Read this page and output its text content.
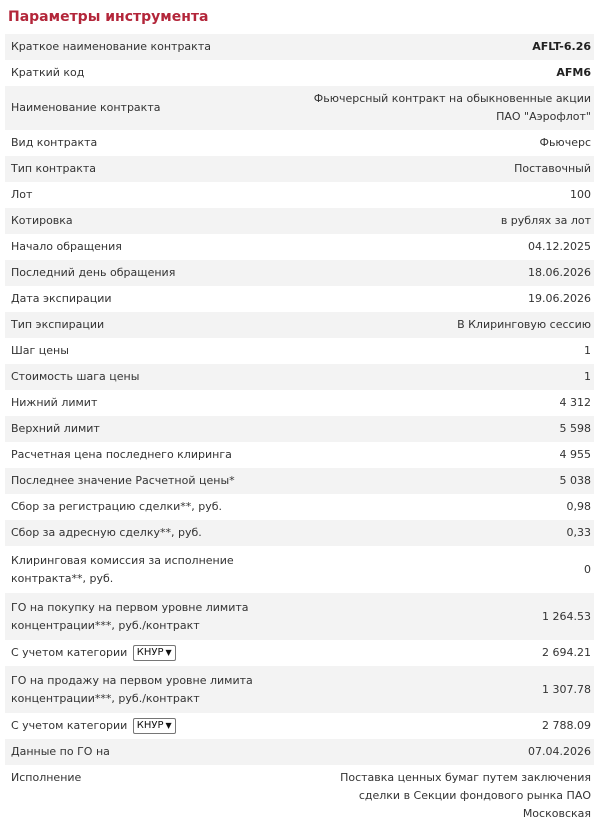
Параметры инструмента
Краткое наименование контракта	AFLT-6.26
Краткий код	AFM6
Наименование контракта	Фьючерсный контракт на обыкновенные акции ПАО "Аэрофлот"
Вид контракта	Фьючерс
Тип контракта	Поставочный
Лот	100
Котировка	в рублях за лот
Начало обращения	04.12.2025
Последний день обращения	18.06.2026
Дата экспирации	19.06.2026
Тип экспирации	В Клиринговую сессию
Шаг цены	1
Стоимость шага цены	1
Нижний лимит	4 312
Верхний лимит	5 598
Расчетная цена последнего клиринга	4 955
Последнее значение Расчетной цены*	5 038
Сбор за регистрацию сделки**, руб.	0,98
Сбор за адресную сделку**, руб.	0,33
Клиринговая комиссия за исполнение контракта**, руб.	0
ГО на покупку на первом уровне лимита концентрации***, руб./контракт	1 264.53
С учетом категории КНУР ▼	2 694.21
ГО на продажу на первом уровне лимита концентрации***, руб./контракт	1 307.78
С учетом категории КНУР ▼	2 788.09
Данные по ГО на	07.04.2026
Исполнение	Поставка ценных бумаг путем заключения сделки в Секции фондового рынка ПАО Московская
